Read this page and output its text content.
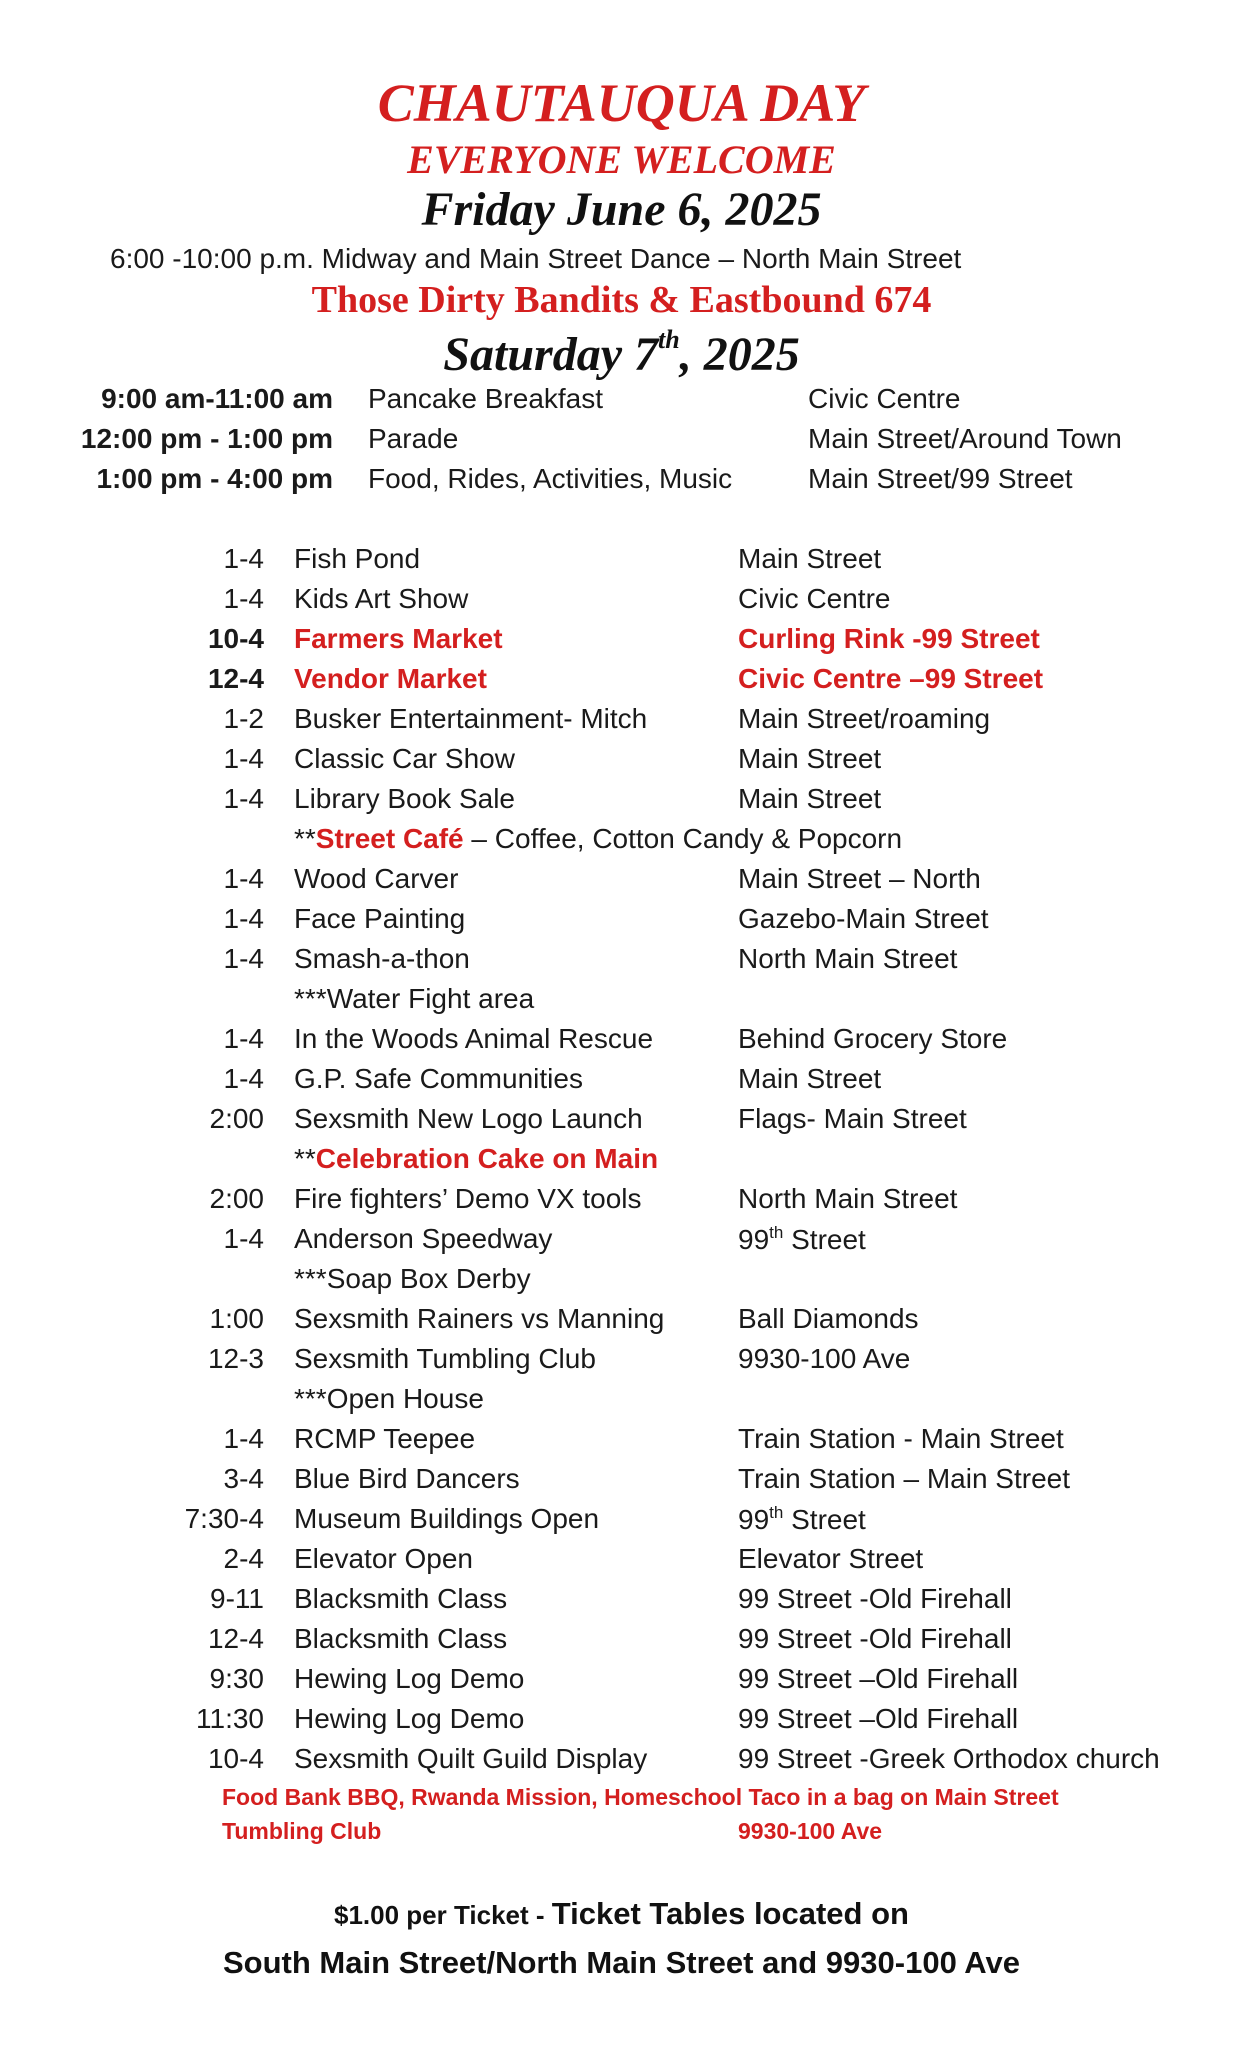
CHAUTAUQUA DAY
EVERYONE WELCOME
Friday June 6, 2025
6:00 -10:00 p.m. Midway and Main Street Dance – North Main Street
Those Dirty Bandits & Eastbound 674
Saturday 7th, 2025
9:00 am-11:00 am Pancake Breakfast	Civic Centre
12:00 pm - 1:00 pm Parade	Main Street/Around Town
1:00 pm - 4:00 pm Food, Rides, Activities, Music	Main Street/99 Street
1-4 Fish Pond	Main Street
1-4 Kids Art Show	Civic Centre
10-4 Farmers Market	Curling Rink -99 Street
12-4 Vendor Market	Civic Centre –99 Street
1-2 Busker Entertainment- Mitch	Main Street/roaming
1-4 Classic Car Show	Main Street
1-4 Library Book Sale	Main Street
**Street Café – Coffee, Cotton Candy & Popcorn
1-4 Wood Carver	Main Street – North
1-4 Face Painting	Gazebo-Main Street
1-4 Smash-a-thon	North Main Street
***Water Fight area
1-4 In the Woods Animal Rescue	Behind Grocery Store
1-4 G.P. Safe Communities	Main Street
2:00 Sexsmith New Logo Launch	Flags- Main Street
**Celebration Cake on Main
2:00 Fire fighters’ Demo VX tools	North Main Street
1-4 Anderson Speedway	99th Street
***Soap Box Derby
1:00 Sexsmith Rainers vs Manning	Ball Diamonds
12-3 Sexsmith Tumbling Club	9930-100 Ave
***Open House
1-4 RCMP Teepee	Train Station - Main Street
3-4 Blue Bird Dancers	Train Station – Main Street
7:30-4 Museum Buildings Open	99th Street
2-4 Elevator Open	Elevator Street
9-11 Blacksmith Class	99 Street -Old Firehall
12-4 Blacksmith Class	99 Street -Old Firehall
9:30 Hewing Log Demo	99 Street –Old Firehall
11:30 Hewing Log Demo	99 Street –Old Firehall
10-4 Sexsmith Quilt Guild Display	99 Street -Greek Orthodox church
Food Bank BBQ, Rwanda Mission, Homeschool Taco in a bag on Main Street
Tumbling Club	9930-100 Ave
$1.00 per Ticket - Ticket Tables located on
South Main Street/North Main Street and 9930-100 Ave
